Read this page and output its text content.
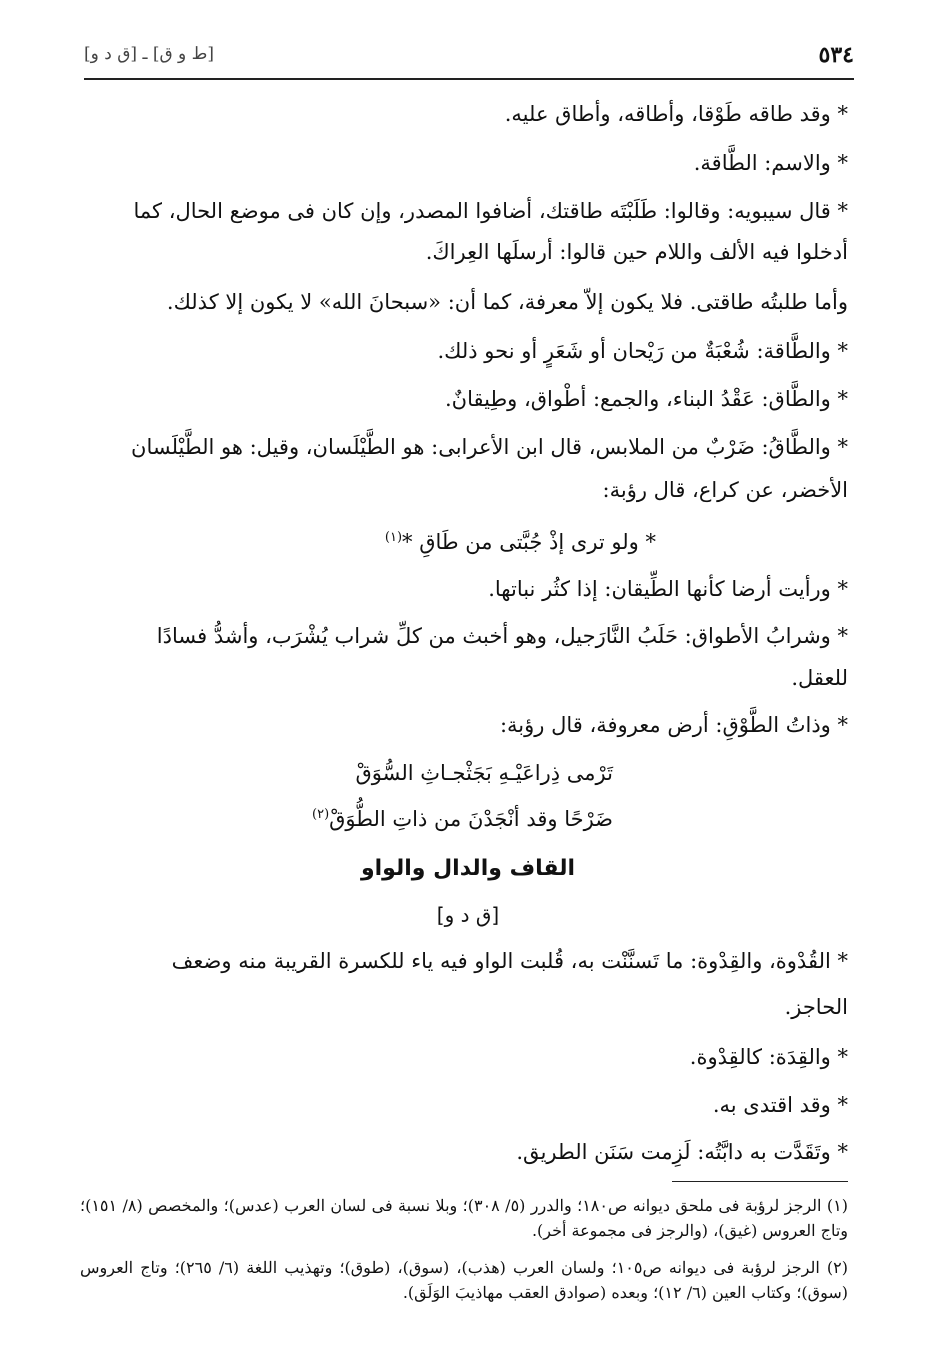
٥٣٤
[ط و ق] ـ [ق د و]
* وقد طاقه طَوْقا، وأطاقه، وأطاق عليه.
* والاسم: الطَّاقة.
* قال سيبويه: وقالوا: طَلَبْتَه طاقتك، أضافوا المصدر، وإن كان فى موضع الحال، كما
أدخلوا فيه الألف واللام حين قالوا: أرسلَها العِراكَ.
وأما طلبتُه طاقتى. فلا يكون إلاّ معرفة، كما أن: «سبحانَ الله» لا يكون إلا كذلك.
* والطَّاقة: شُعْبَةٌ من رَيْحان أو شَعَرٍ أو نحو ذلك.
* والطَّاق: عَقْدُ البناء، والجمع: أطْواق، وطِيقانٌ.
* والطَّاقُ: ضَرْبٌ من الملابس، قال ابن الأعرابى: هو الطَّيْلَسان، وقيل: هو الطَّيْلَسان
الأخضر، عن كراع، قال رؤبة:
* ولو ترى إذْ جُبَّتى من طَاقِ *$^{(١)}$
* ورأيت أرضا كأنها الطِّيقان: إذا كثُر نباتها.
* وشرابُ الأطواق: حَلَبُ النَّارَجيل، وهو أخبث من كلِّ شراب يُشْرَب، وأشدُّ فسادًا
للعقل.
* وذاتُ الطَّوْقِ: أرض معروفة، قال رؤبة:
تَرْمى ذِراعَيْـهِ بَجَثْجـاثِ السُّوَقْ
ضَرْحًا وقد أنْجَدْنَ من ذاتِ الطُّوَقْ$^{(٢)}$
القاف والدال والواو
[ق د و]
* القُدْوة، والقِدْوة: ما تَسنَّنْت به، قُلبت الواو فيه ياء للكسرة القريبة منه وضعف
الحاجز.
* والقِدَة: كالقِدْوة.
* وقد اقتدى به.
* وتَقَدَّت به دابَّتُه: لَزِمت سَنَن الطريق.
(١) الرجز لرؤبة فى ملحق ديوانه ص١٨٠؛ والدرر (٥/ ٣٠٨)؛ وبلا نسبة فى لسان العرب (عدس)؛ والمخصص (٨/ ١٥١)؛ وتاج العروس (غيق)، (والرجز فى مجموعة أخر).
(٢) الرجز لرؤبة فى ديوانه ص١٠٥؛ ولسان العرب (هذب)، (سوق)، (طوق)؛ وتهذيب اللغة (٦/ ٢٦٥)؛ وتاج العروس (سوق)؛ وكتاب العين (٦/ ١٢)؛ وبعده (صوادق العقب مهاذيبَ الوَلَق).
